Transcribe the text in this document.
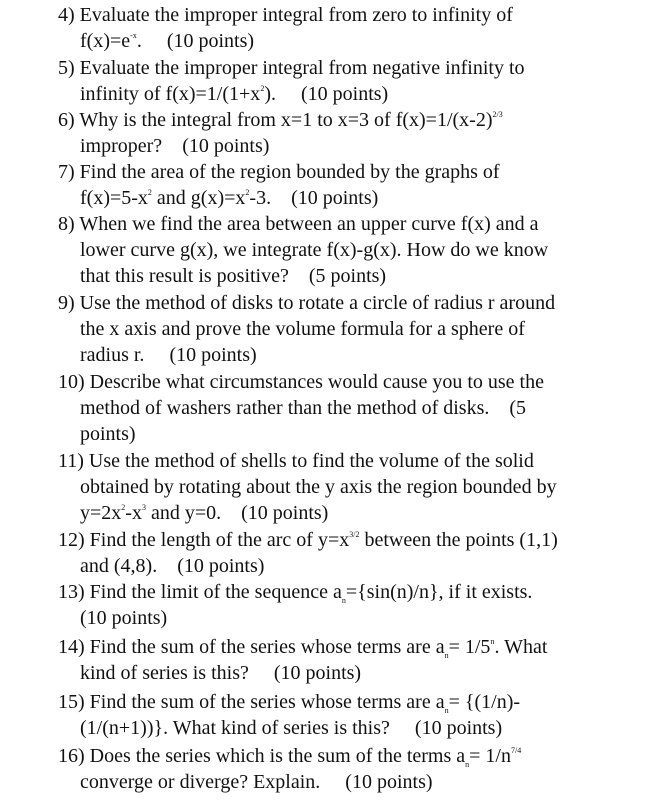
4) Evaluate the improper integral from zero to infinity of
$f(x)=e^{-x}$. (10 points)
5) Evaluate the improper integral from negative infinity to
infinity of $f(x)=1/(1+x^2)$. (10 points)
6) Why is the integral from x=1 to x=3 of $f(x)=1/(x-2)^{2/3}$
improper? (10 points)
7) Find the area of the region bounded by the graphs of
$f(x)=5-x^2$ and $g(x)=x^2-3$. (10 points)
8) When we find the area between an upper curve f(x) and a
lower curve g(x), we integrate f(x)-g(x). How do we know
that this result is positive? (5 points)
9) Use the method of disks to rotate a circle of radius r around
the x axis and prove the volume formula for a sphere of
radius r. (10 points)
10) Describe what circumstances would cause you to use the
method of washers rather than the method of disks. (5
points)
11) Use the method of shells to find the volume of the solid
obtained by rotating about the y axis the region bounded by
$y=2x^2-x^3$ and y=0. (10 points)
12) Find the length of the arc of $y=x^{3/2}$ between the points (1,1)
and (4,8). (10 points)
13) Find the limit of the sequence $a_n=\{\sin(n)/n\}$, if it exists.
(10 points)
14) Find the sum of the series whose terms are $a_n= 1/5^n$. What
kind of series is this? (10 points)
15) Find the sum of the series whose terms are $a_n= \{(1/n)-$
(1/(n+1))}. What kind of series is this? (10 points)
16) Does the series which is the sum of the terms $a_n= 1/n^{7/4}$
converge or diverge? Explain. (10 points)
